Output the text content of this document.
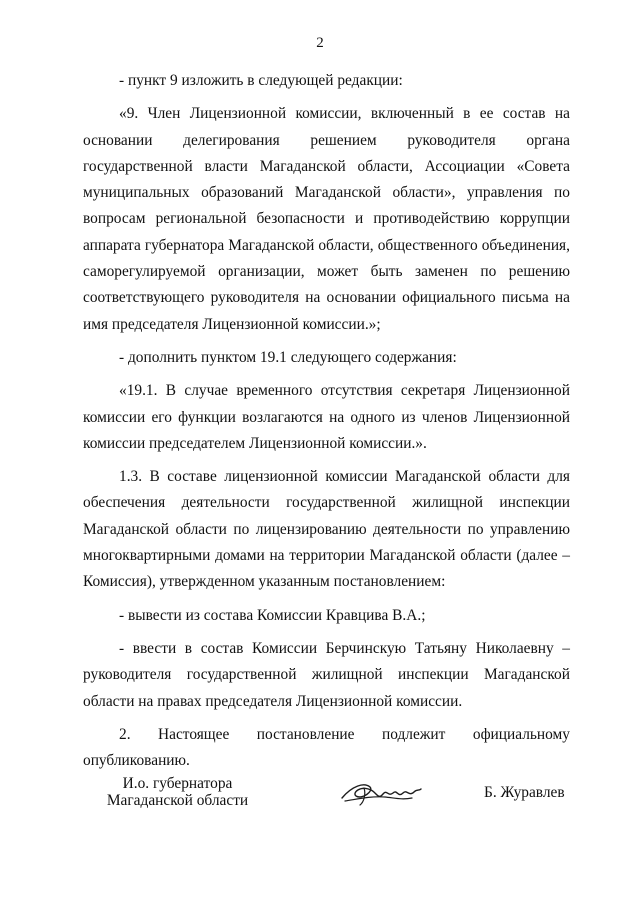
2

- пункт 9 изложить в следующей редакции:

«9. Член Лицензионной комиссии, включенный в ее состав на основании делегирования решением руководителя органа государственной власти Магаданской области, Ассоциации «Совета муниципальных образований Магаданской области», управления по вопросам региональной безопасности и противодействию коррупции аппарата губернатора Магаданской области, общественного объединения, саморегулируемой организации, может быть заменен по решению соответствующего руководителя на основании официального письма на имя председателя Лицензионной комиссии.»;

- дополнить пунктом 19.1 следующего содержания:

«19.1. В случае временного отсутствия секретаря Лицензионной комиссии его функции возлагаются на одного из членов Лицензионной комиссии председателем Лицензионной комиссии.».

1.3. В составе лицензионной комиссии Магаданской области для обеспечения деятельности государственной жилищной инспекции Магаданской области по лицензированию деятельности по управлению многоквартирными домами на территории Магаданской области (далее – Комиссия), утвержденном указанным постановлением:

- вывести из состава Комиссии Кравцива В.А.;

- ввести в состав Комиссии Берчинскую Татьяну Николаевну – руководителя государственной жилищной инспекции Магаданской области на правах председателя Лицензионной комиссии.

2. Настоящее постановление подлежит официальному опубликованию.

И.о. губернатора
Магаданской области	Б. Журавлев
